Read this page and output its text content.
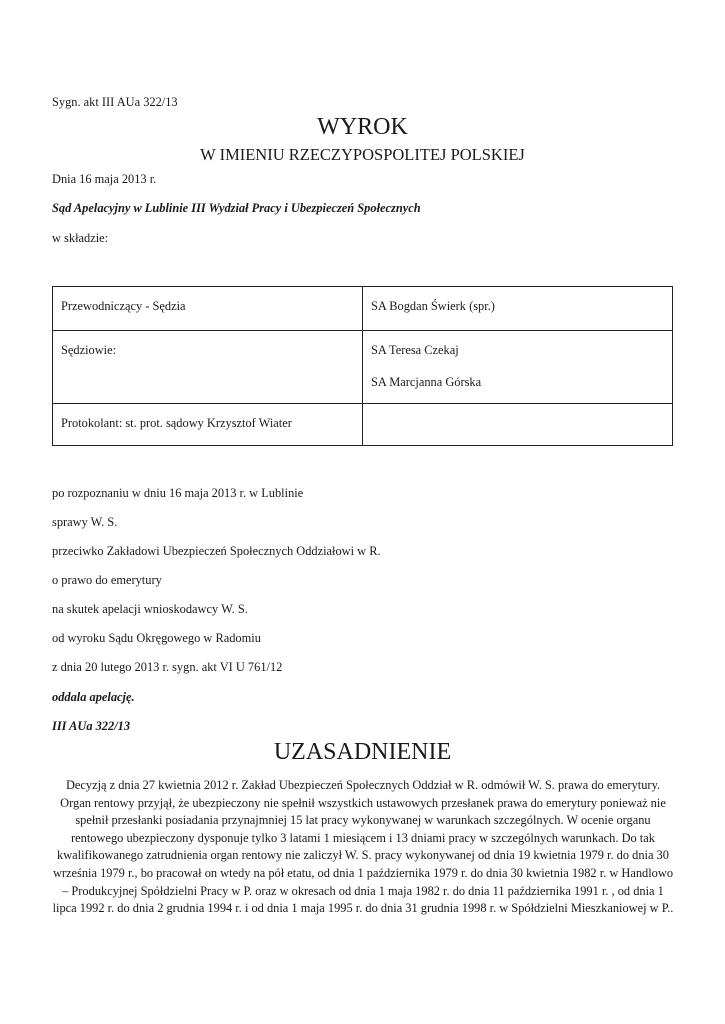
Sygn. akt III AUa 322/13
WYROK
W IMIENIU RZECZYPOSPOLITEJ POLSKIEJ
Dnia 16 maja 2013 r.
Sąd Apelacyjny w Lublinie III Wydział Pracy i Ubezpieczeń Społecznych
w składzie:
Przewodniczący - Sędzia	SA Bogdan Świerk (spr.)

Sędziowie:	SA Teresa Czekaj
SA Marcjanna Górska

Protokolant: st. prot. sądowy Krzysztof Wiater	

po rozpoznaniu w dniu 16 maja 2013 r. w Lublinie
sprawy W. S.
przeciwko Zakładowi Ubezpieczeń Społecznych Oddziałowi w R.
o prawo do emerytury
na skutek apelacji wnioskodawcy W. S.
od wyroku Sądu Okręgowego w Radomiu
z dnia 20 lutego 2013 r. sygn. akt VI U 761/12
oddala apelację.
III AUa 322/13
UZASADNIENIE
Decyzją z dnia 27 kwietnia 2012 r. Zakład Ubezpieczeń Społecznych Oddział w R. odmówił W. S. prawa do emerytury. Organ rentowy przyjął, że ubezpieczony nie spełnił wszystkich ustawowych przesłanek prawa do emerytury ponieważ nie spełnił przesłanki posiadania przynajmniej 15 lat pracy wykonywanej w warunkach szczególnych. W ocenie organu rentowego ubezpieczony dysponuje tylko 3 latami 1 miesiącem i 13 dniami pracy w szczególnych warunkach. Do tak kwalifikowanego zatrudnienia organ rentowy nie zaliczył W. S. pracy wykonywanej od dnia 19 kwietnia 1979 r. do dnia 30 września 1979 r., bo pracował on wtedy na pół etatu, od dnia 1 października 1979 r. do dnia 30 kwietnia 1982 r. w Handlowo – Produkcyjnej Spółdzielni Pracy w P. oraz w okresach od dnia 1 maja 1982 r. do dnia 11 października 1991 r. , od dnia 1 lipca 1992 r. do dnia 2 grudnia 1994 r. i od dnia 1 maja 1995 r. do dnia 31 grudnia 1998 r. w Spółdzielni Mieszkaniowej w P..
